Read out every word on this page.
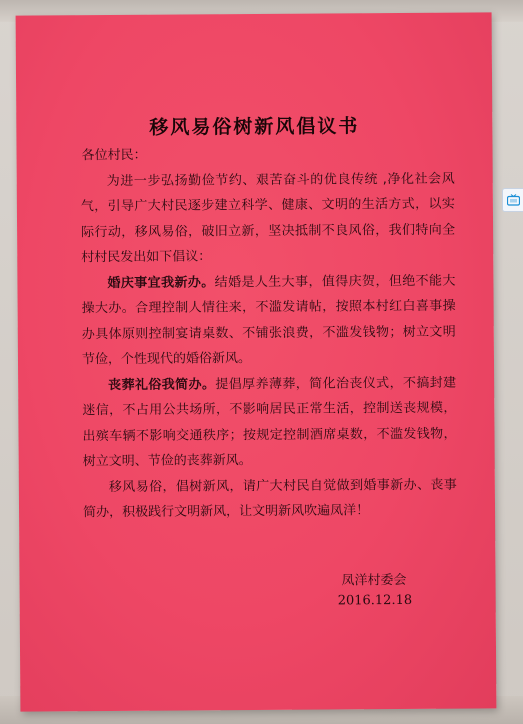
移风易俗树新风倡议书

各位村民：

为进一步弘扬勤俭节约、艰苦奋斗的优良传统 ,净化社会风气，引导广大村民逐步建立科学、健康、文明的生活方式，以实际行动，移风易俗，破旧立新，坚决抵制不良风俗，我们特向全村村民发出如下倡议：

婚庆事宜我新办。结婚是人生大事，值得庆贺，但绝不能大操大办。合理控制人情往来，不滥发请帖，按照本村红白喜事操办具体原则控制宴请桌数、不铺张浪费，不滥发钱物；树立文明节俭，个性现代的婚俗新风。

丧葬礼俗我简办。提倡厚养薄葬，简化治丧仪式，不搞封建迷信，不占用公共场所，不影响居民正常生活，控制送丧规模，出殡车辆不影响交通秩序；按规定控制酒席桌数，不滥发钱物，树立文明、节俭的丧葬新风。

移风易俗，倡树新风，请广大村民自觉做到婚事新办、丧事简办，积极践行文明新风，让文明新风吹遍凤洋！

凤洋村委会
2016.12.18
